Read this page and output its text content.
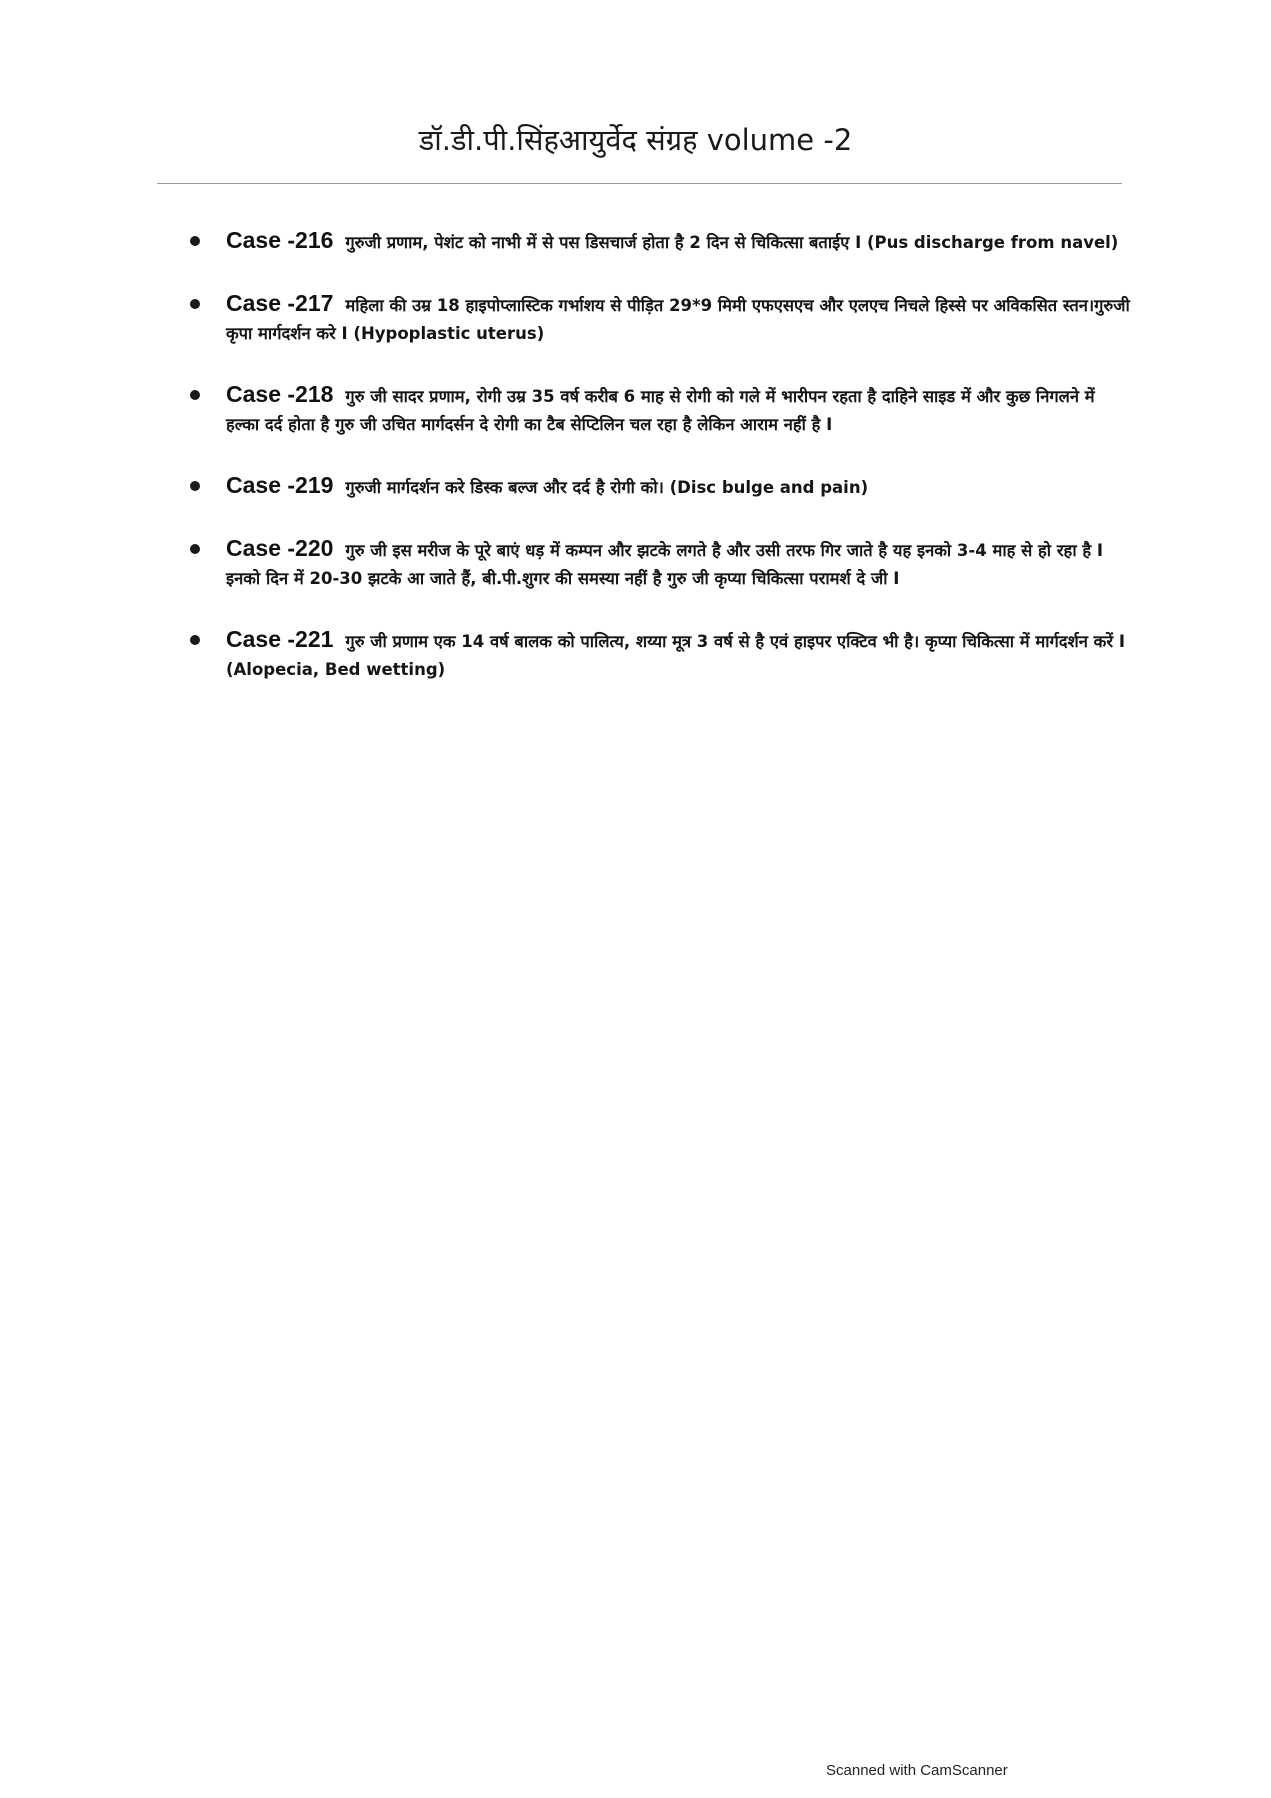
डॉ.डी.पी.सिंहआयुर्वेद संग्रह volume -2
Case -216 गुरुजी प्रणाम, पेशंट को नाभी में से पस डिसचार्ज होता है 2 दिन से चिकित्सा बताईए I (Pus discharge from navel)
Case -217 महिला की उम्र 18 हाइपोप्लास्टिक गर्भाशय से पीड़ित 29*9 मिमी एफएसएच और एलएच निचले हिस्से पर अविकसित स्तन।गुरुजी कृपा मार्गदर्शन करे I (Hypoplastic uterus)
Case -218 गुरु जी सादर प्रणाम, रोगी उम्र 35 वर्ष करीब 6 माह से रोगी को गले में भारीपन रहता है दाहिने साइड में और कुछ निगलने में हल्का दर्द होता है गुरु जी उचित मार्गदर्सन दे रोगी का टैब सेप्टिलिन चल रहा है लेकिन आराम नहीं है I
Case -219 गुरुजी मार्गदर्शन करे डिस्क बल्ज और दर्द है रोगी को। (Disc bulge and pain)
Case -220 गुरु जी इस मरीज के पूरे बाएं धड़ में कम्पन और झटके लगते है और उसी तरफ गिर जाते है यह इनको 3-4 माह से हो रहा है I इनको दिन में 20-30 झटके आ जाते हैं, बी.पी.शुगर की समस्या नहीं है गुरु जी कृप्या चिकित्सा परामर्श दे जी I
Case -221 गुरु जी प्रणाम एक 14 वर्ष बालक को पालित्य, शय्या मूत्र 3 वर्ष से है एवं हाइपर एक्टिव भी है। कृप्या चिकित्सा में मार्गदर्शन करें I (Alopecia, Bed wetting)
Scanned with CamScanner
